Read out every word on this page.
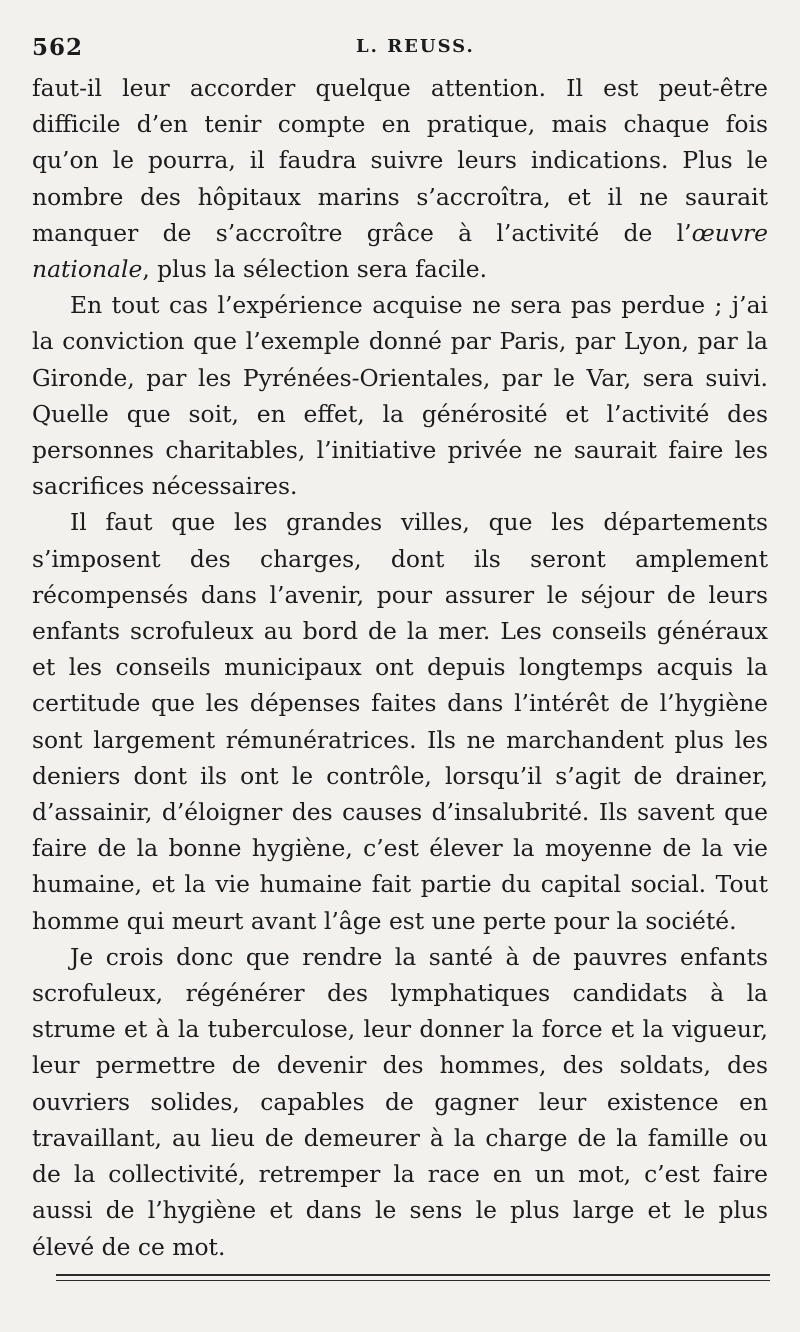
562	L. REUSS.

faut-il leur accorder quelque attention. Il est peut-être difficile d’en tenir compte en pratique, mais chaque fois qu’on le pourra, il faudra suivre leurs indications. Plus le nombre des hôpitaux marins s’accroîtra, et il ne saurait manquer de s’accroître grâce à l’activité de l’œuvre nationale, plus la sélection sera facile.

En tout cas l’expérience acquise ne sera pas perdue ; j’ai la conviction que l’exemple donné par Paris, par Lyon, par la Gironde, par les Pyrénées-Orientales, par le Var, sera suivi. Quelle que soit, en effet, la générosité et l’activité des personnes charitables, l’initiative privée ne saurait faire les sacrifices nécessaires.

Il faut que les grandes villes, que les départements s’imposent des charges, dont ils seront amplement récompensés dans l’avenir, pour assurer le séjour de leurs enfants scrofuleux au bord de la mer. Les conseils généraux et les conseils municipaux ont depuis longtemps acquis la certitude que les dépenses faites dans l’intérêt de l’hygiène sont largement rémunératrices. Ils ne marchandent plus les deniers dont ils ont le contrôle, lorsqu’il s’agit de drainer, d’assainir, d’éloigner des causes d’insalubrité. Ils savent que faire de la bonne hygiène, c’est élever la moyenne de la vie humaine, et la vie humaine fait partie du capital social. Tout homme qui meurt avant l’âge est une perte pour la société.

Je crois donc que rendre la santé à de pauvres enfants scrofuleux, régénérer des lymphatiques candidats à la strume et à la tuberculose, leur donner la force et la vigueur, leur permettre de devenir des hommes, des soldats, des ouvriers solides, capables de gagner leur existence en travaillant, au lieu de demeurer à la charge de la famille ou de la collectivité, retremper la race en un mot, c’est faire aussi de l’hygiène et dans le sens le plus large et le plus élevé de ce mot.
